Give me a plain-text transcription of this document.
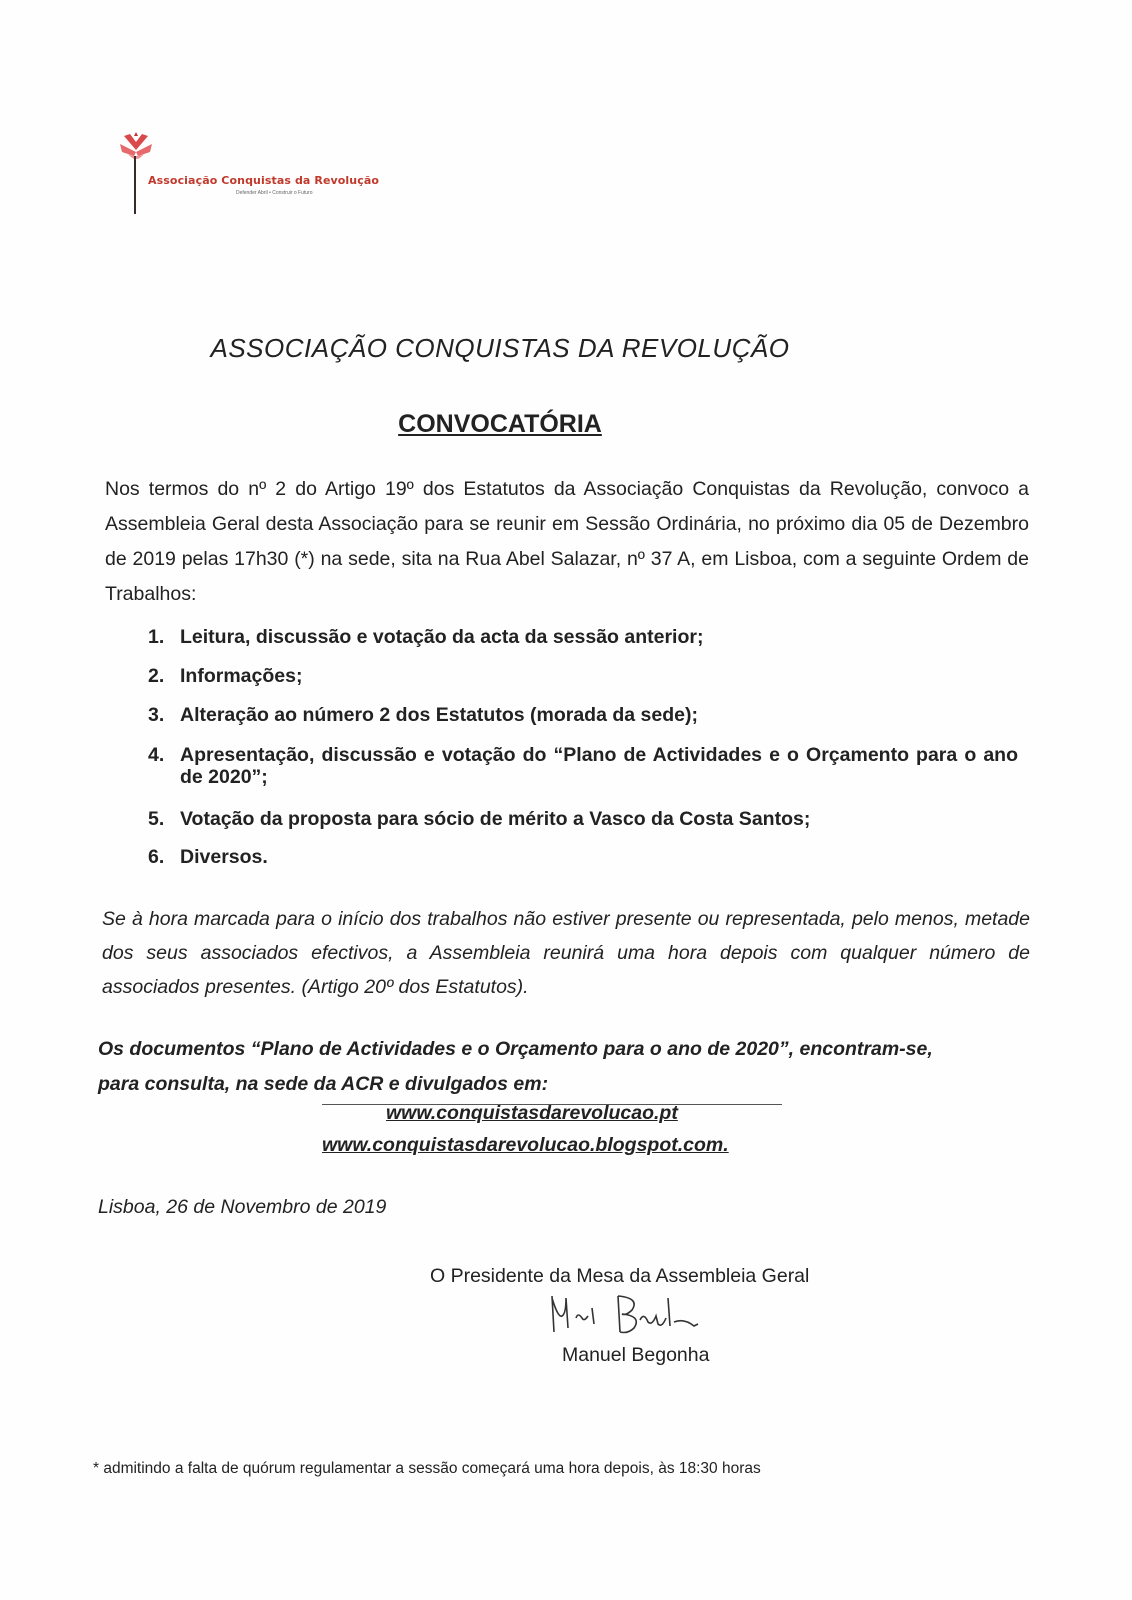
Associação Conquistas da Revolução
Defender Abril • Construir o Futuro
ASSOCIAÇÃO CONQUISTAS DA REVOLUÇÃO
CONVOCATÓRIA
Nos termos do nº 2 do Artigo 19º dos Estatutos da Associação Conquistas da Revolução, convoco a Assembleia Geral desta Associação para se reunir em Sessão Ordinária, no próximo dia 05 de Dezembro de 2019 pelas 17h30 (*) na sede, sita na Rua Abel Salazar, nº 37 A, em Lisboa, com a seguinte Ordem de Trabalhos:
1. Leitura, discussão e votação da acta da sessão anterior;
2. Informações;
3. Alteração ao número 2 dos Estatutos (morada da sede);
4. Apresentação, discussão e votação do “Plano de Actividades e o Orçamento para o ano de 2020”;
5. Votação da proposta para sócio de mérito a Vasco da Costa Santos;
6. Diversos.
Se à hora marcada para o início dos trabalhos não estiver presente ou representada, pelo menos, metade dos seus associados efectivos, a Assembleia reunirá uma hora depois com qualquer número de associados presentes. (Artigo 20º dos Estatutos).
Os documentos “Plano de Actividades e o Orçamento para o ano de 2020”, encontram-se, para consulta, na sede da ACR e divulgados em:
www.conquistasdarevolucao.pt
www.conquistasdarevolucao.blogspot.com.
Lisboa, 26 de Novembro de 2019
O Presidente da Mesa da Assembleia Geral
Manuel Begonha
* admitindo a falta de quórum regulamentar a sessão começará uma hora depois, às 18:30 horas
